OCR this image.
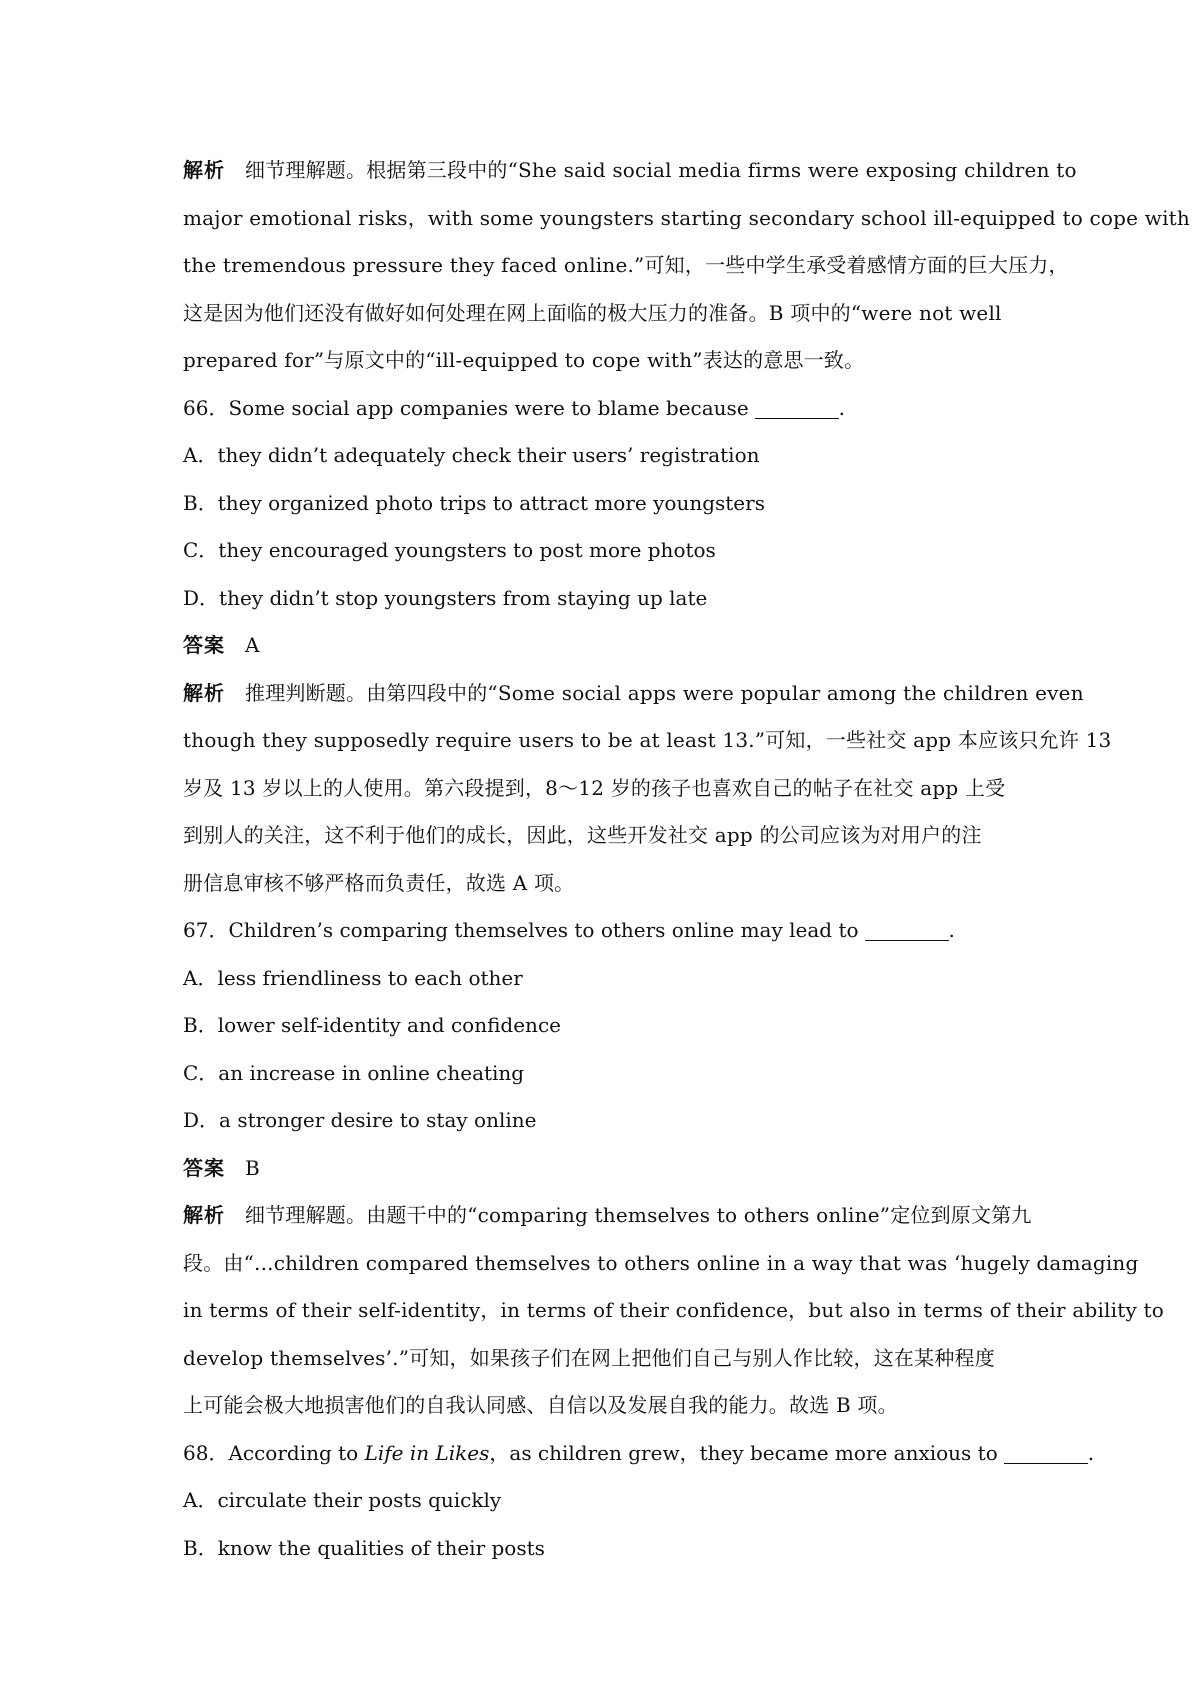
解析 细节理解题。根据第三段中的“She said social media firms were exposing children to
major emotional risks，with some youngsters starting secondary school ill-equipped to cope with
the tremendous pressure they faced online.”可知，一些中学生承受着感情方面的巨大压力，
这是因为他们还没有做好如何处理在网上面临的极大压力的准备。B 项中的“were not well
prepared for”与原文中的“ill-equipped to cope with”表达的意思一致。

66．Some social app companies were to blame because	.

A．they didn’t adequately check their users’ registration

B．they organized photo trips to attract more youngsters

C．they encouraged youngsters to post more photos

D．they didn’t stop youngsters from staying up late

答案 A

解析 推理判断题。由第四段中的“Some social apps were popular among the children even
though they supposedly require users to be at least 13.”可知，一些社交 app 本应该只允许 13
岁及 13 岁以上的人使用。第六段提到，8～12 岁的孩子也喜欢自己的帖子在社交 app 上受
到别人的关注，这不利于他们的成长，因此，这些开发社交 app 的公司应该为对用户的注
册信息审核不够严格而负责任，故选 A 项。

67．Children’s comparing themselves to others online may lead to	.

A．less friendliness to each other

B．lower self-identity and confidence

C．an increase in online cheating

D．a stronger desire to stay online

答案 B

解析 细节理解题。由题干中的“comparing themselves to others online”定位到原文第九
段。由“...children compared themselves to others online in a way that was ‘hugely damaging
in terms of their self-identity，in terms of their confidence，but also in terms of their ability to
develop themselves’.”可知，如果孩子们在网上把他们自己与别人作比较，这在某种程度
上可能会极大地损害他们的自我认同感、自信以及发展自我的能力。故选 B 项。

68．According to Life in Likes，as children grew，they became more anxious to	.

A．circulate their posts quickly

B．know the qualities of their posts
